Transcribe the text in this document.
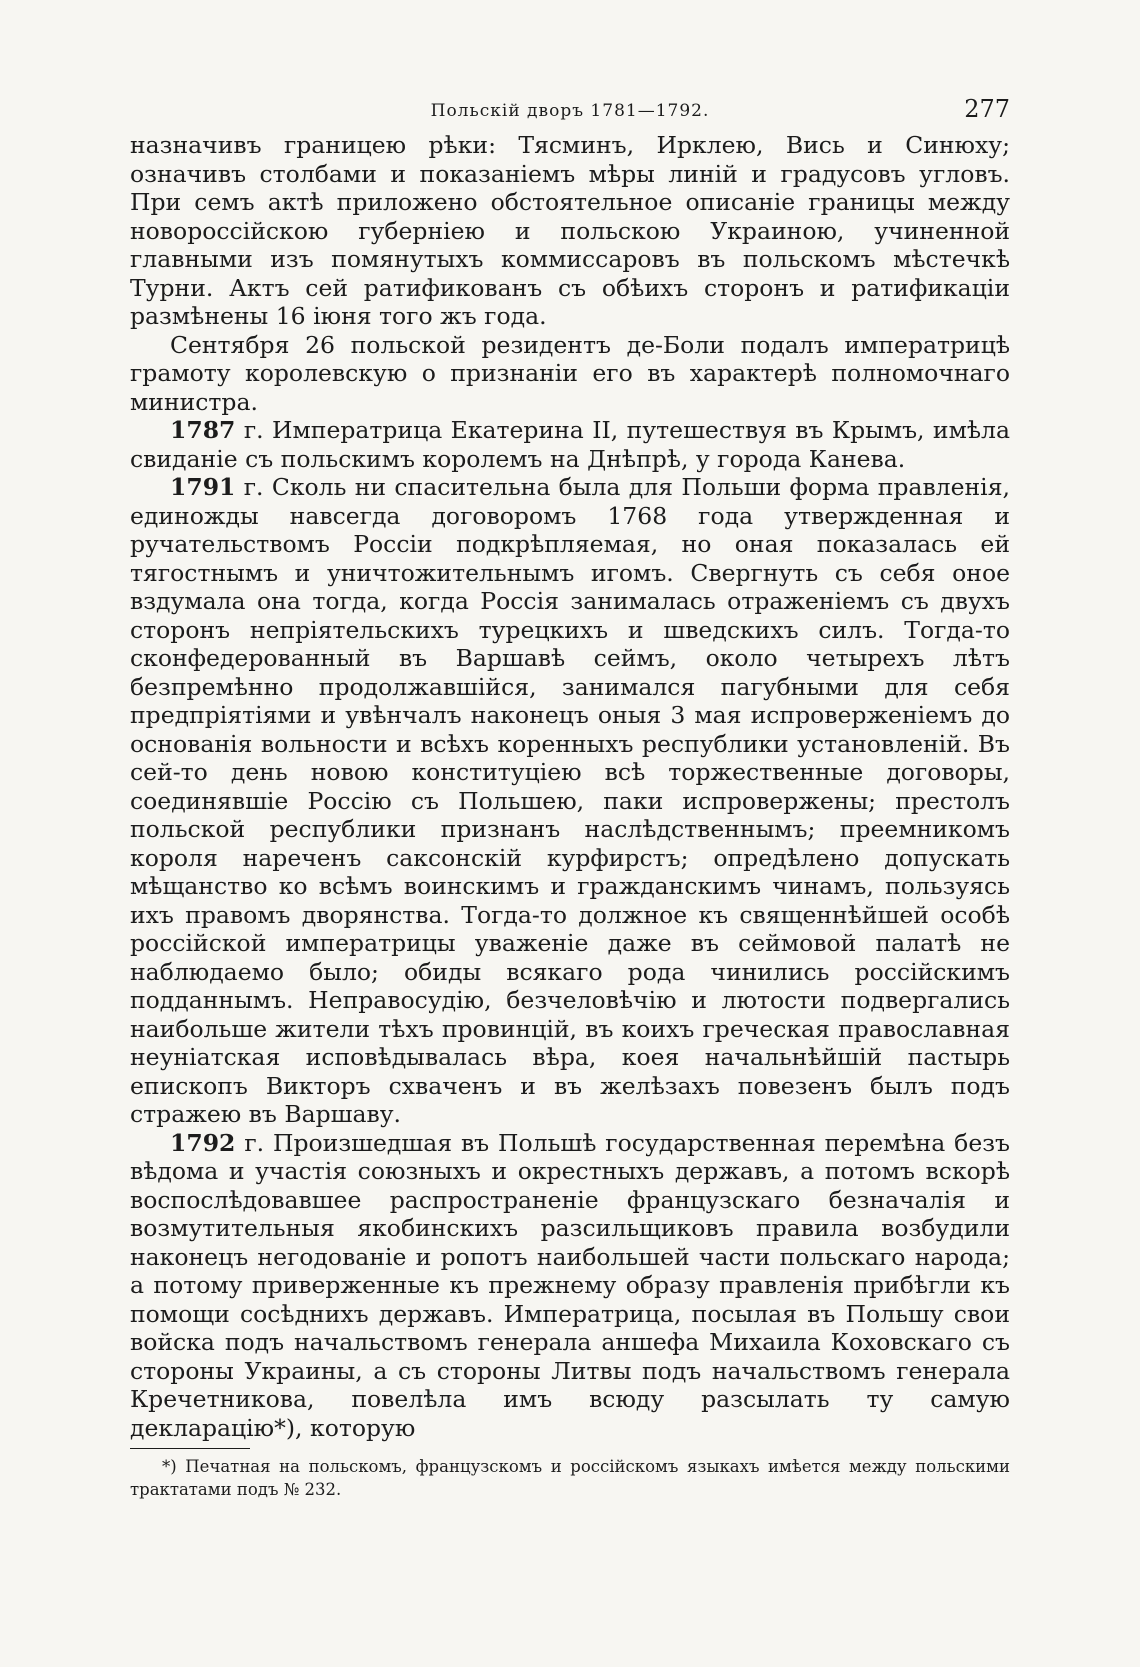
Польскій дворъ 1781—1792.	277

назначивъ границею рѣки: Тясминъ, Ирклею, Вись и Синюху; означивъ столбами и показаніемъ мѣры линій и градусовъ угловъ. При семъ актѣ приложено обстоятельное описаніе границы между новороссійскою губерніею и польскою Украиною, учиненной главными изъ помянутыхъ коммиссаровъ въ польскомъ мѣстечкѣ Турни. Актъ сей ратификованъ съ обѣихъ сторонъ и ратификаціи размѣнены 16 іюня того жъ года.

Сентября 26 польской резидентъ де-Боли подалъ императрицѣ грамоту королевскую о признаніи его въ характерѣ полномочнаго министра.

1787 г. Императрица Екатерина II, путешествуя въ Крымъ, имѣла свиданіе съ польскимъ королемъ на Днѣпрѣ, у города Канева.

1791 г. Сколь ни спасительна была для Польши форма правленія, единожды навсегда договоромъ 1768 года утвержденная и ручательствомъ Россіи подкрѣпляемая, но оная показалась ей тягостнымъ и уничтожительнымъ игомъ. Свергнуть съ себя оное вздумала она тогда, когда Россія занималась отраженіемъ съ двухъ сторонъ непріятельскихъ турецкихъ и шведскихъ силъ. Тогда-то сконфедерованный въ Варшавѣ сеймъ, около четырехъ лѣтъ безпремѣнно продолжавшійся, занимался пагубными для себя предпріятіями и увѣнчалъ наконецъ оныя 3 мая испроверженіемъ до основанія вольности и всѣхъ коренныхъ республики установленій. Въ сей-то день новою конституціею всѣ торжественные договоры, соединявшіе Россію съ Польшею, паки испровержены; престолъ польской республики признанъ наслѣдственнымъ; преемникомъ короля нареченъ саксонскій курфирстъ; опредѣлено допускать мѣщанство ко всѣмъ воинскимъ и гражданскимъ чинамъ, пользуясь ихъ правомъ дворянства. Тогда-то должное къ священнѣйшей особѣ россійской императрицы уваженіе даже въ сеймовой палатѣ не наблюдаемо было; обиды всякаго рода чинились россійскимъ подданнымъ. Неправосудію, безчеловѣчію и лютости подвергались наибольше жители тѣхъ провинцій, въ коихъ греческая православная неуніатская исповѣдывалась вѣра, коея начальнѣйшій пастырь епископъ Викторъ схваченъ и въ желѣзахъ повезенъ былъ подъ стражею въ Варшаву.

1792 г. Произшедшая въ Польшѣ государственная перемѣна безъ вѣдома и участія союзныхъ и окрестныхъ державъ, а потомъ вскорѣ воспослѣдовавшее распространеніе французскаго безначалія и возмутительныя якобинскихъ разсильщиковъ правила возбудили наконецъ негодованіе и ропотъ наибольшей части польскаго народа; а потому приверженные къ прежнему образу правленія прибѣгли къ помощи сосѣднихъ державъ. Императрица, посылая въ Польшу свои войска подъ начальствомъ генерала аншефа Михаила Коховскаго съ стороны Украины, а съ стороны Литвы подъ начальствомъ генерала Кречетникова, повелѣла имъ всюду разсылать ту самую декларацію*), которую

*) Печатная на польскомъ, французскомъ и россійскомъ языкахъ имѣется между польскими трактатами подъ № 232.
